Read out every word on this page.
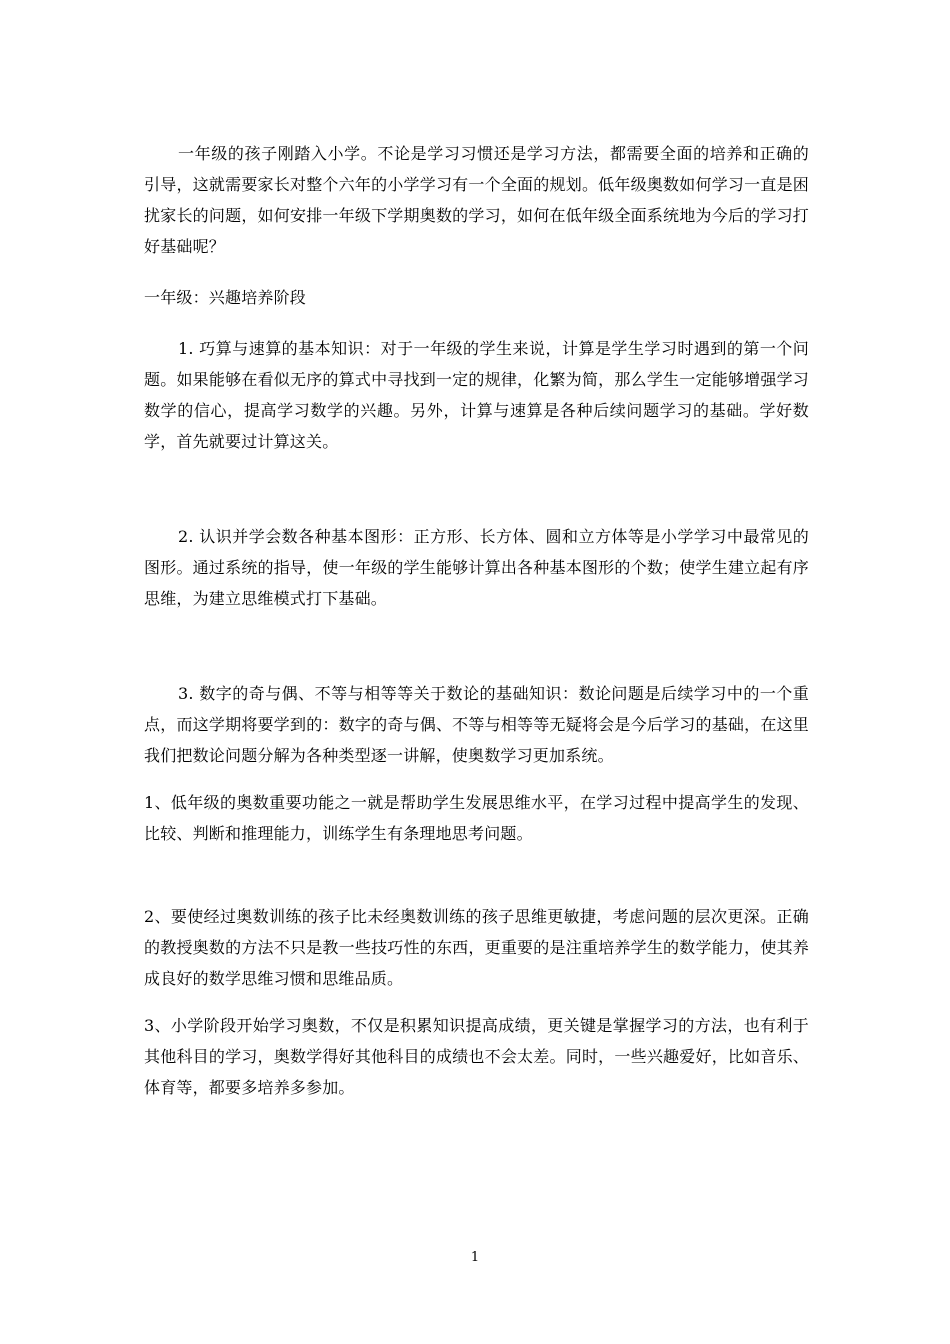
一年级的孩子刚踏入小学。不论是学习习惯还是学习方法，都需要全面的培养和正确的引导，这就需要家长对整个六年的小学学习有一个全面的规划。低年级奥数如何学习一直是困扰家长的问题，如何安排一年级下学期奥数的学习，如何在低年级全面系统地为今后的学习打好基础呢？

一年级：兴趣培养阶段

1. 巧算与速算的基本知识：对于一年级的学生来说，计算是学生学习时遇到的第一个问题。如果能够在看似无序的算式中寻找到一定的规律，化繁为简，那么学生一定能够增强学习数学的信心，提高学习数学的兴趣。另外，计算与速算是各种后续问题学习的基础。学好数学，首先就要过计算这关。

2. 认识并学会数各种基本图形：正方形、长方体、圆和立方体等是小学学习中最常见的图形。通过系统的指导，使一年级的学生能够计算出各种基本图形的个数；使学生建立起有序思维，为建立思维模式打下基础。

3. 数字的奇与偶、不等与相等等关于数论的基础知识：数论问题是后续学习中的一个重点，而这学期将要学到的：数字的奇与偶、不等与相等等无疑将会是今后学习的基础，在这里我们把数论问题分解为各种类型逐一讲解，使奥数学习更加系统。

1、低年级的奥数重要功能之一就是帮助学生发展思维水平，在学习过程中提高学生的发现、比较、判断和推理能力，训练学生有条理地思考问题。

2、要使经过奥数训练的孩子比未经奥数训练的孩子思维更敏捷，考虑问题的层次更深。正确的教授奥数的方法不只是教一些技巧性的东西，更重要的是注重培养学生的数学能力，使其养成良好的数学思维习惯和思维品质。

3、小学阶段开始学习奥数，不仅是积累知识提高成绩，更关键是掌握学习的方法，也有利于其他科目的学习，奥数学得好其他科目的成绩也不会太差。同时，一些兴趣爱好，比如音乐、体育等，都要多培养多参加。

1
